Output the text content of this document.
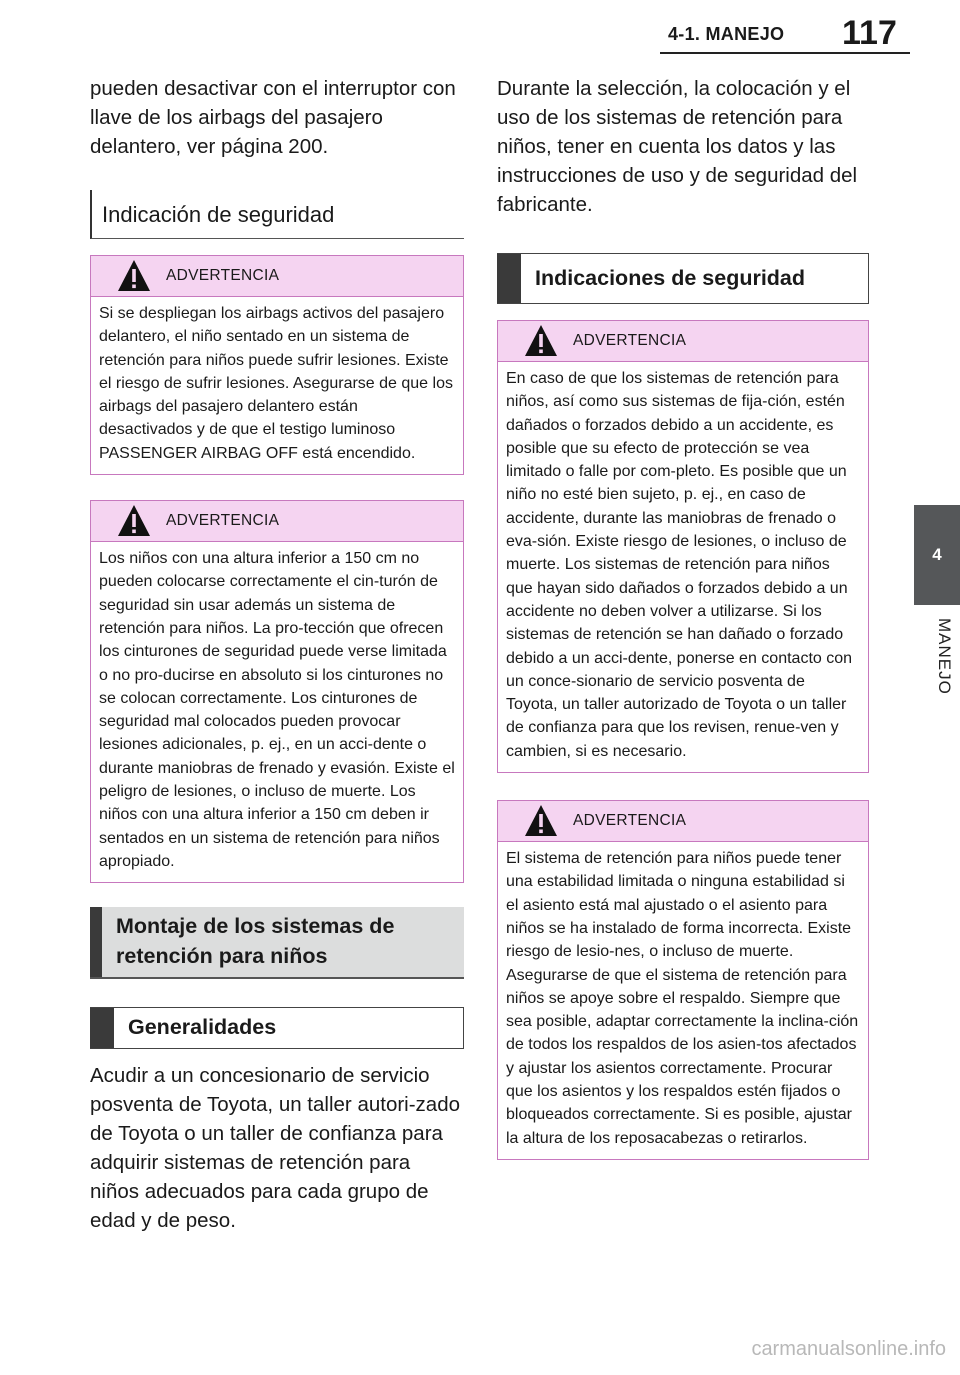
4-1. MANEJO 117
4
MANEJO

pueden desactivar con el interruptor con llave de los airbags del pasajero delantero, ver página 200.

Indicación de seguridad
ADVERTENCIA
Si se despliegan los airbags activos del pasajero delantero, el niño sentado en un sistema de retención para niños puede sufrir lesiones. Existe el riesgo de sufrir lesiones. Asegurarse de que los airbags del pasajero delantero están desactivados y de que el testigo luminoso PASSENGER AIRBAG OFF está encendido.
ADVERTENCIA
Los niños con una altura inferior a 150 cm no pueden colocarse correctamente el cin-turón de seguridad sin usar además un sistema de retención para niños. La pro-tección que ofrecen los cinturones de seguridad puede verse limitada o no pro-ducirse en absoluto si los cinturones no se colocan correctamente. Los cinturones de seguridad mal colocados pueden provocar lesiones adicionales, p. ej., en un acci-dente o durante maniobras de frenado y evasión. Existe el peligro de lesiones, o incluso de muerte. Los niños con una altura inferior a 150 cm deben ir sentados en un sistema de retención para niños apropiado.
Montaje de los sistemas de retención para niños
Generalidades

Acudir a un concesionario de servicio posventa de Toyota, un taller autori-zado de Toyota o un taller de confianza para adquirir sistemas de retención para niños adecuados para cada grupo de edad y de peso.

Durante la selección, la colocación y el uso de los sistemas de retención para niños, tener en cuenta los datos y las instrucciones de uso y de seguridad del fabricante.

Indicaciones de seguridad
ADVERTENCIA
En caso de que los sistemas de retención para niños, así como sus sistemas de fija-ción, estén dañados o forzados debido a un accidente, es posible que su efecto de protección se vea limitado o falle por com-pleto. Es posible que un niño no esté bien sujeto, p. ej., en caso de accidente, durante las maniobras de frenado o eva-sión. Existe riesgo de lesiones, o incluso de muerte. Los sistemas de retención para niños que hayan sido dañados o forzados debido a un accidente no deben volver a utilizarse. Si los sistemas de retención se han dañado o forzado debido a un acci-dente, ponerse en contacto con un conce-sionario de servicio posventa de Toyota, un taller autorizado de Toyota o un taller de confianza para que los revisen, renue-ven y cambien, si es necesario.
ADVERTENCIA
El sistema de retención para niños puede tener una estabilidad limitada o ninguna estabilidad si el asiento está mal ajustado o el asiento para niños se ha instalado de forma incorrecta. Existe riesgo de lesio-nes, o incluso de muerte. Asegurarse de que el sistema de retención para niños se apoye sobre el respaldo. Siempre que sea posible, adaptar correctamente la inclina-ción de todos los respaldos de los asien-tos afectados y ajustar los asientos correctamente. Procurar que los asientos y los respaldos estén fijados o bloqueados correctamente. Si es posible, ajustar la altura de los reposacabezas o retirarlos.
carmanualsonline.info
